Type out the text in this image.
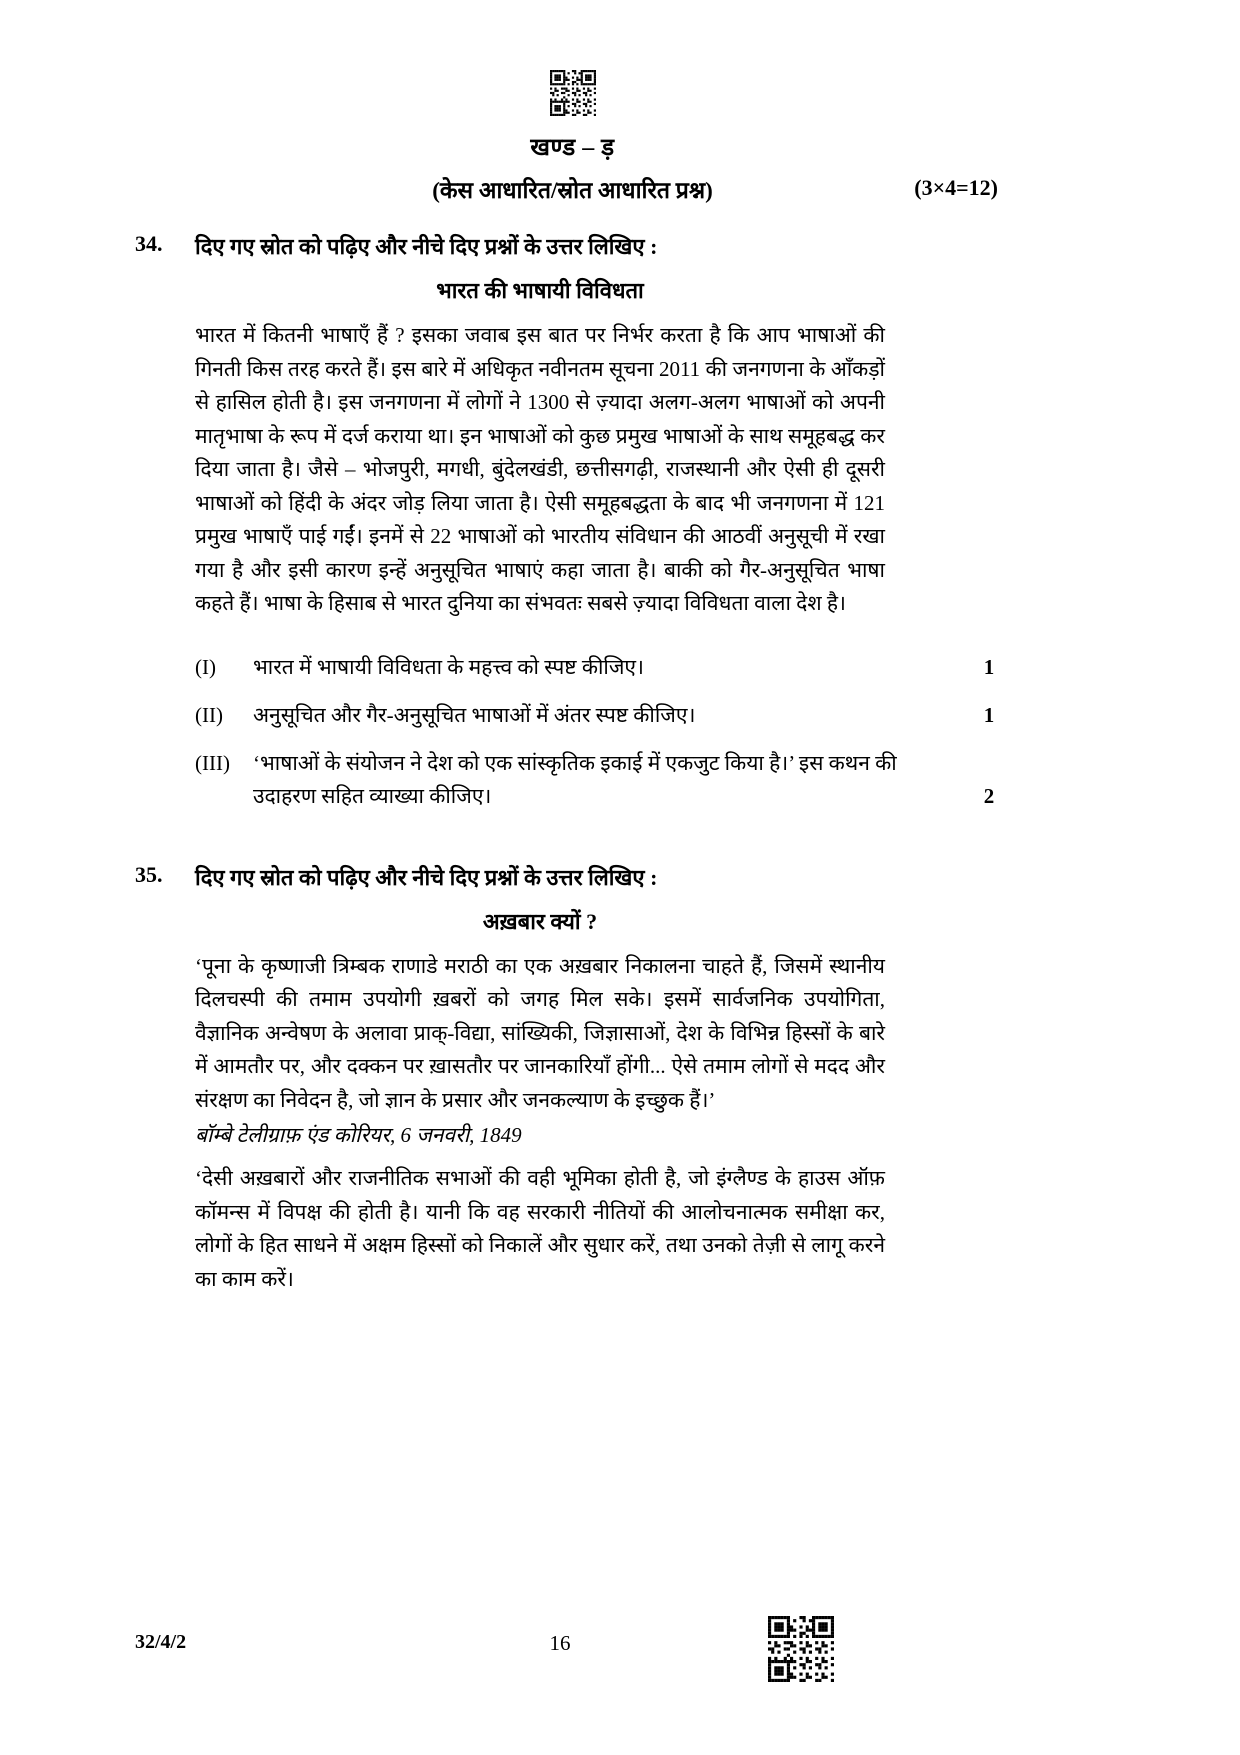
खण्ड – ड़
(केस आधारित/स्रोत आधारित प्रश्न)	(3×4=12)
34.	दिए गए स्रोत को पढ़िए और नीचे दिए प्रश्नों के उत्तर लिखिए :
भारत की भाषायी विविधता
भारत में कितनी भाषाएँ हैं ? इसका जवाब इस बात पर निर्भर करता है कि आप भाषाओं की गिनती किस तरह करते हैं। इस बारे में अधिकृत नवीनतम सूचना 2011 की जनगणना के आँकड़ों से हासिल होती है। इस जनगणना में लोगों ने 1300 से ज़्यादा अलग-अलग भाषाओं को अपनी मातृभाषा के रूप में दर्ज कराया था। इन भाषाओं को कुछ प्रमुख भाषाओं के साथ समूहबद्ध कर दिया जाता है। जैसे – भोजपुरी, मगधी, बुंदेलखंडी, छत्तीसगढ़ी, राजस्थानी और ऐसी ही दूसरी भाषाओं को हिंदी के अंदर जोड़ लिया जाता है। ऐसी समूहबद्धता के बाद भी जनगणना में 121 प्रमुख भाषाएँ पाई गईं। इनमें से 22 भाषाओं को भारतीय संविधान की आठवीं अनुसूची में रखा गया है और इसी कारण इन्हें अनुसूचित भाषाएं कहा जाता है। बाकी को गैर-अनुसूचित भाषा कहते हैं। भाषा के हिसाब से भारत दुनिया का संभवतः सबसे ज़्यादा विविधता वाला देश है।
(I)	भारत में भाषायी विविधता के महत्त्व को स्पष्ट कीजिए।	1
(II)	अनुसूचित और गैर-अनुसूचित भाषाओं में अंतर स्पष्ट कीजिए।	1
(III)	‘भाषाओं के संयोजन ने देश को एक सांस्कृतिक इकाई में एकजुट किया है।’ इस कथन की उदाहरण सहित व्याख्या कीजिए।	2
35.	दिए गए स्रोत को पढ़िए और नीचे दिए प्रश्नों के उत्तर लिखिए :
अख़बार क्यों ?
‘पूना के कृष्णाजी त्रिम्बक राणाडे मराठी का एक अख़बार निकालना चाहते हैं, जिसमें स्थानीय दिलचस्पी की तमाम उपयोगी ख़बरों को जगह मिल सके। इसमें सार्वजनिक उपयोगिता, वैज्ञानिक अन्वेषण के अलावा प्राक्-विद्या, सांख्यिकी, जिज्ञासाओं, देश के विभिन्न हिस्सों के बारे में आमतौर पर, और दक्कन पर ख़ासतौर पर जानकारियाँ होंगी... ऐसे तमाम लोगों से मदद और संरक्षण का निवेदन है, जो ज्ञान के प्रसार और जनकल्याण के इच्छुक हैं।’
बॉम्बे टेलीग्राफ़ एंड कोरियर, 6 जनवरी, 1849
‘देसी अख़बारों और राजनीतिक सभाओं की वही भूमिका होती है, जो इंग्लैण्ड के हाउस ऑफ़ कॉमन्स में विपक्ष की होती है। यानी कि वह सरकारी नीतियों की आलोचनात्मक समीक्षा कर, लोगों के हित साधने में अक्षम हिस्सों को निकालें और सुधार करें, तथा उनको तेज़ी से लागू करने का काम करें।
32/4/2	16
